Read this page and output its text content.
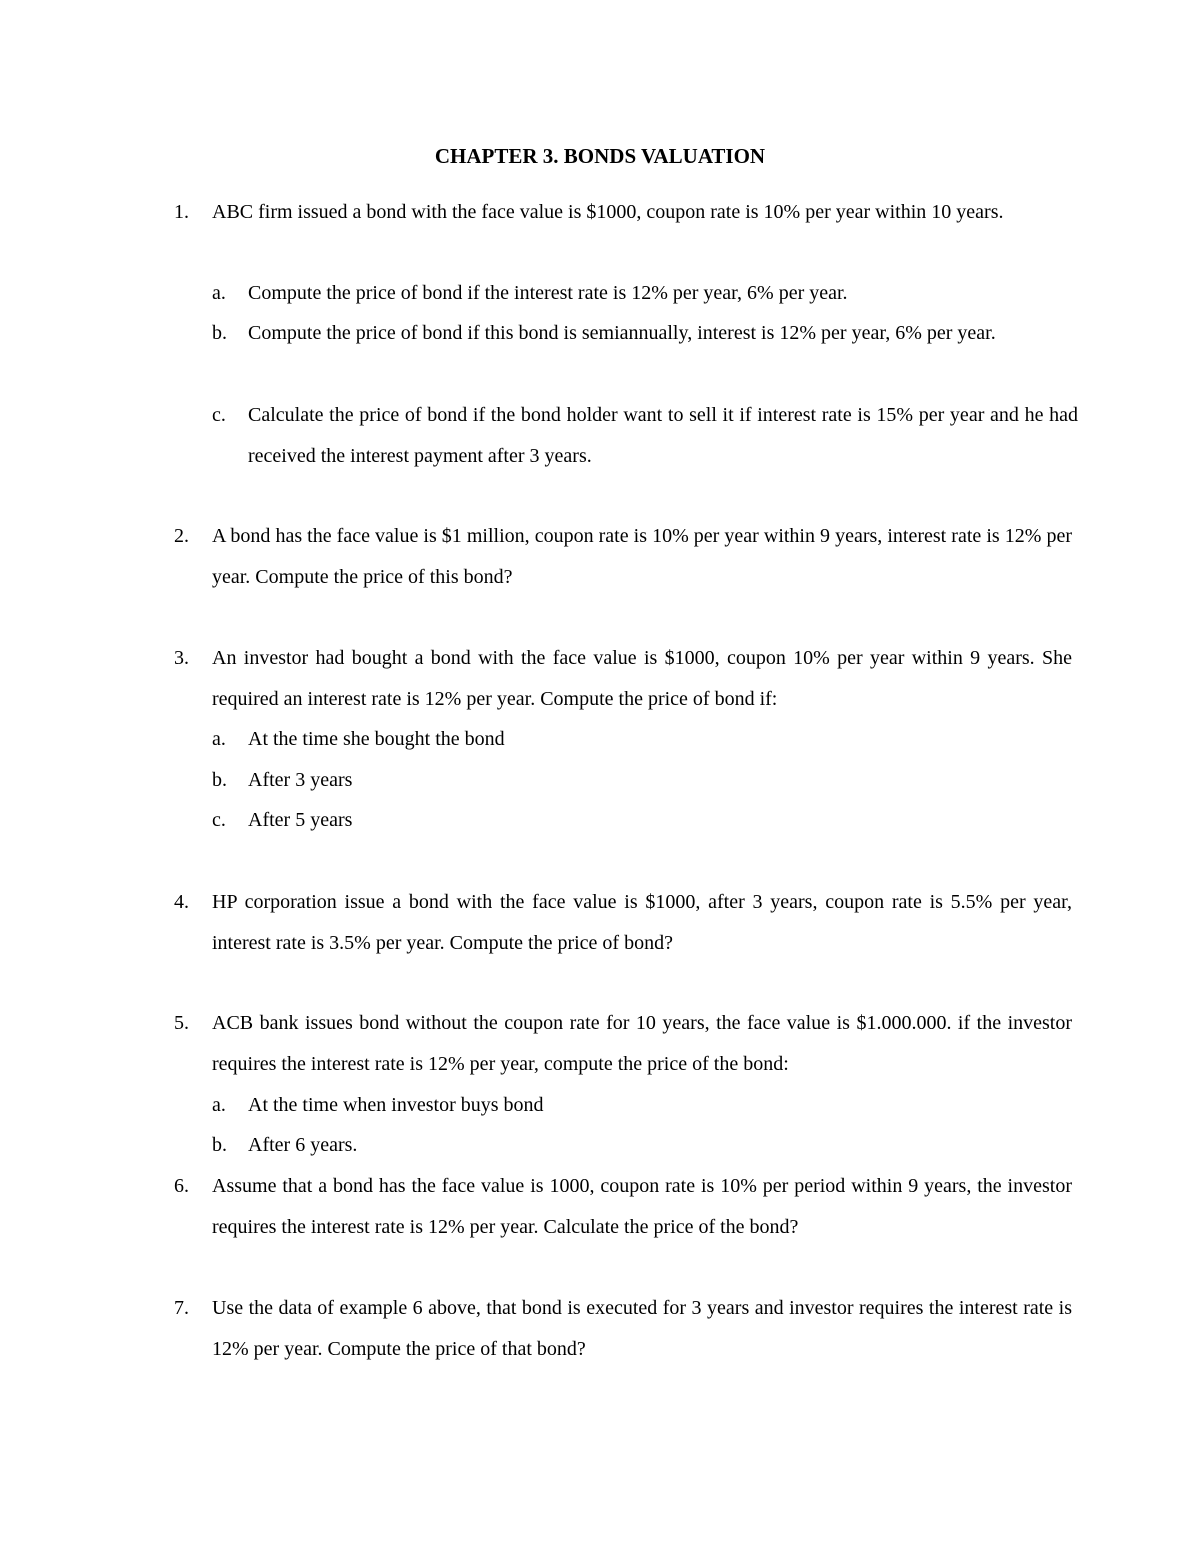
CHAPTER 3. BONDS VALUATION
1. ABC firm issued a bond with the face value is $1000, coupon rate is 10% per year within 10 years.
a. Compute the price of bond if the interest rate is 12% per year, 6% per year.
b. Compute the price of bond if this bond is semiannually, interest is 12% per year, 6% per year.
c. Calculate the price of bond if the bond holder want to sell it if interest rate is 15% per year and he had received the interest payment after 3 years.
2. A bond has the face value is $1 million, coupon rate is 10% per year within 9 years, interest rate is 12% per year. Compute the price of this bond?
3. An investor had bought a bond with the face value is $1000, coupon 10% per year within 9 years. She required an interest rate is 12% per year. Compute the price of bond if:
a. At the time she bought the bond
b. After 3 years
c. After 5 years
4. HP corporation issue a bond with the face value is $1000, after 3 years, coupon rate is 5.5% per year, interest rate is 3.5% per year. Compute the price of bond?
5. ACB bank issues bond without the coupon rate for 10 years, the face value is $1.000.000. if the investor requires the interest rate is 12% per year, compute the price of the bond:
a. At the time when investor buys bond
b. After 6 years.
6. Assume that a bond has the face value is 1000, coupon rate is 10% per period within 9 years, the investor requires the interest rate is 12% per year. Calculate the price of the bond?
7. Use the data of example 6 above, that bond is executed for 3 years and investor requires the interest rate is 12% per year. Compute the price of that bond?
